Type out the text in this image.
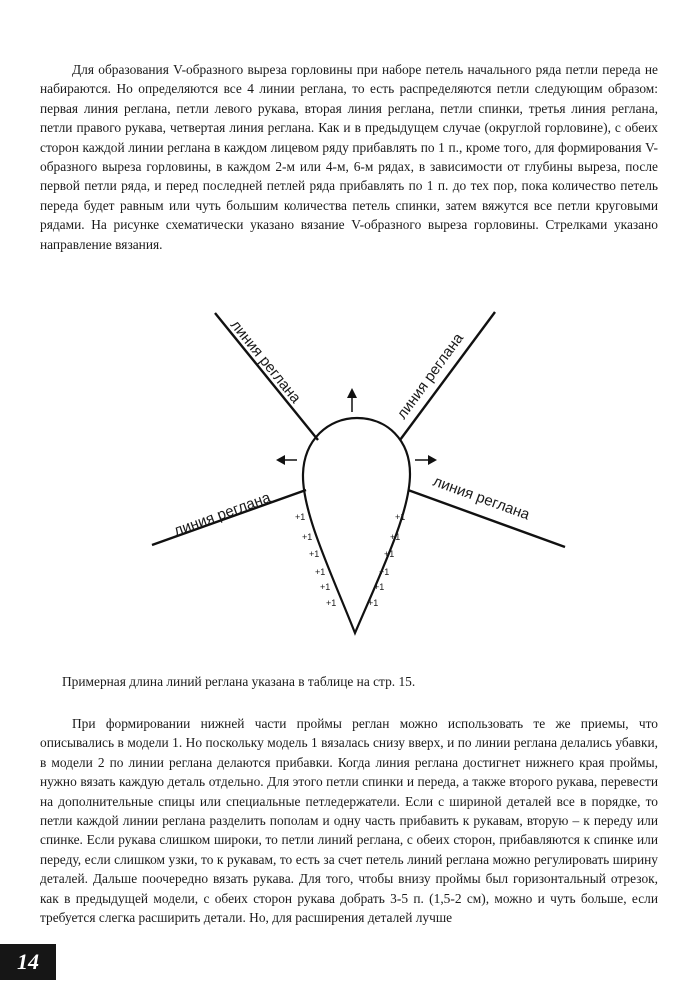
Для образования V-образного выреза горловины при наборе петель начального ряда петли переда не набираются. Но определяются все 4 линии реглана, то есть распределяются петли следующим образом: первая линия реглана, петли левого рукава, вторая линия реглана, петли спинки, третья линия реглана, петли правого рукава, четвертая линия реглана. Как и в предыдущем случае (округлой горловине), с обеих сторон каждой линии реглана в каждом лицевом ряду прибавлять по 1 п., кроме того, для формирования V-образного выреза горловины, в каждом 2-м или 4-м, 6-м рядах, в зависимости от глубины выреза, после первой петли ряда, и перед последней петлей ряда прибавлять по 1 п. до тех пор, пока количество петель переда будет равным или чуть большим количества петель спинки, затем вяжутся все петли круговыми рядами. На рисунке схематически указано вязание V-образного выреза горловины. Стрелками указано направление вязания.

линия реглана	линия реглана
линия реглана	линия реглана
+1
+1
+1
+1
+1
+1
+1
+1
+1
+1
+1
+1

Примерная длина линий реглана указана в таблице на стр. 15.

При формировании нижней части проймы реглан можно использовать те же приемы, что описывались в модели 1. Но поскольку модель 1 вязалась снизу вверх, и по линии реглана делались убавки, в модели 2 по линии реглана делаются прибавки. Когда линия реглана достигнет нижнего края проймы, нужно вязать каждую деталь отдельно. Для этого петли спинки и переда, а также второго рукава, перевести на дополнительные спицы или специальные петледержатели. Если с шириной деталей все в порядке, то петли каждой линии реглана разделить пополам и одну часть прибавить к рукавам, вторую – к переду или спинке. Если рукава слишком широки, то петли линий реглана, с обеих сторон, прибавляются к спинке или переду, если слишком узки, то к рукавам, то есть за счет петель линий реглана можно регулировать ширину деталей. Дальше поочередно вязать рукава. Для того, чтобы внизу проймы был горизонтальный отрезок, как в предыдущей модели, с обеих сторон рукава добрать 3-5 п. (1,5-2 см), можно и чуть больше, если требуется слегка расширить детали. Но, для расширения деталей лучше

14
